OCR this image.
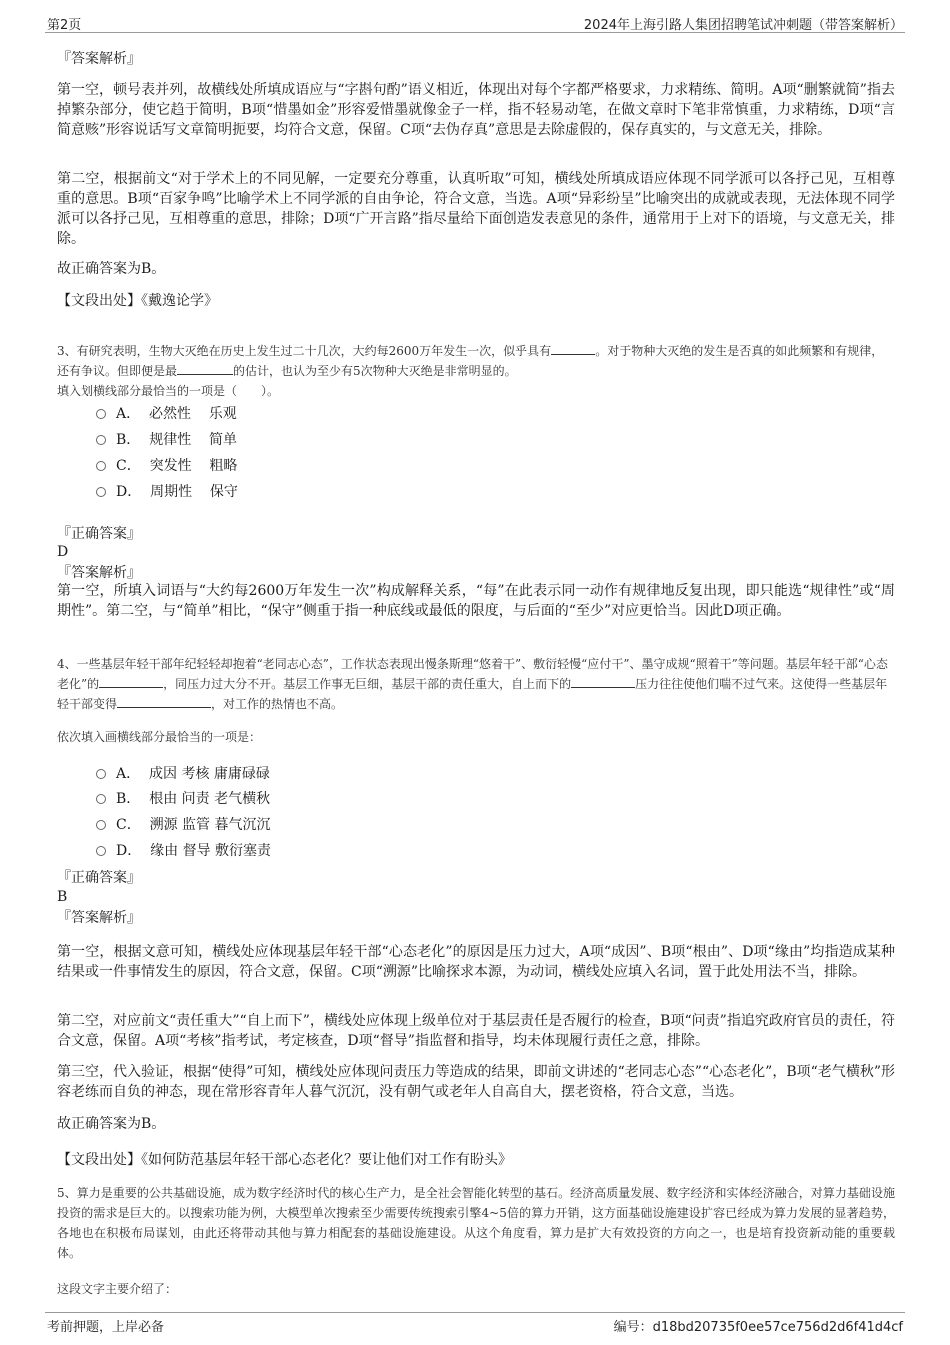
第2页	2024年上海引路人集团招聘笔试冲刺题（带答案解析）
『答案解析』
第一空，顿号表并列，故横线处所填成语应与“字斟句酌”语义相近，体现出对每个字都严格要求，力求精练、简明。A项“删繁就简”指去掉繁杂部分，使它趋于简明，B项“惜墨如金”形容爱惜墨就像金子一样，指不轻易动笔，在做文章时下笔非常慎重，力求精练，D项“言简意赅”形容说话写文章简明扼要，均符合文意，保留。C项“去伪存真”意思是去除虚假的，保存真实的，与文意无关，排除。
第二空，根据前文“对于学术上的不同见解，一定要充分尊重，认真听取”可知，横线处所填成语应体现不同学派可以各抒己见，互相尊重的意思。B项“百家争鸣”比喻学术上不同学派的自由争论，符合文意，当选。A项“异彩纷呈”比喻突出的成就或表现，无法体现不同学派可以各抒己见，互相尊重的意思，排除；D项“广开言路”指尽量给下面创造发表意见的条件，通常用于上对下的语境，与文意无关，排除。
故正确答案为B。
【文段出处】《戴逸论学》
3、有研究表明，生物大灭绝在历史上发生过二十几次，大约每2600万年发生一次，似乎具有	。对于物种大灭绝的发生是否真的如此频繁和有规律，还有争议。但即便是最	的估计，也认为至少有5次物种大灭绝是非常明显的。
填入划横线部分最恰当的一项是（　　）。
A．  必然性    乐观
B．  规律性    简单
C．  突发性    粗略
D．  周期性    保守
『正确答案』
D
『答案解析』
第一空，所填入词语与“大约每2600万年发生一次”构成解释关系，“每”在此表示同一动作有规律地反复出现，即只能选“规律性”或“周期性”。第二空，与“简单”相比，“保守”侧重于指一种底线或最低的限度，与后面的“至少”对应更恰当。因此D项正确。
4、一些基层年轻干部年纪轻轻却抱着“老同志心态”，工作状态表现出慢条斯理“悠着干”、敷衍轻慢“应付干”、墨守成规“照着干”等问题。基层年轻干部“心态老化”的	，同压力过大分不开。基层工作事无巨细，基层干部的责任重大，自上而下的	压力往往使他们喘不过气来。这使得一些基层年轻干部变得	，对工作的热情也不高。
依次填入画横线部分最恰当的一项是：
A．  成因 考核 庸庸碌碌
B．  根由 问责 老气横秋
C．  溯源 监管 暮气沉沉
D．  缘由 督导 敷衍塞责
『正确答案』
B
『答案解析』
第一空，根据文意可知，横线处应体现基层年轻干部“心态老化”的原因是压力过大，A项“成因”、B项“根由”、D项“缘由”均指造成某种结果或一件事情发生的原因，符合文意，保留。C项“溯源”比喻探求本源，为动词，横线处应填入名词，置于此处用法不当，排除。
第二空，对应前文“责任重大”“自上而下”，横线处应体现上级单位对于基层责任是否履行的检查，B项“问责”指追究政府官员的责任，符合文意，保留。A项“考核”指考试，考定核查，D项“督导”指监督和指导，均未体现履行责任之意，排除。
第三空，代入验证，根据“使得”可知，横线处应体现问责压力等造成的结果，即前文讲述的“老同志心态”“心态老化”，B项“老气横秋”形容老练而自负的神态，现在常形容青年人暮气沉沉，没有朝气或老年人自高自大，摆老资格，符合文意，当选。
故正确答案为B。
【文段出处】《如何防范基层年轻干部心态老化？要让他们对工作有盼头》
5、算力是重要的公共基础设施，成为数字经济时代的核心生产力，是全社会智能化转型的基石。经济高质量发展、数字经济和实体经济融合，对算力基础设施投资的需求是巨大的。以搜索功能为例，大模型单次搜索至少需要传统搜索引擎4~5倍的算力开销，这方面基础设施建设扩容已经成为算力发展的显著趋势，各地也在积极布局谋划，由此还将带动其他与算力相配套的基础设施建设。从这个角度看，算力是扩大有效投资的方向之一，也是培育投资新动能的重要载体。
这段文字主要介绍了：
考前押题，上岸必备	编号：d18bd20735f0ee57ce756d2d6f41d4cf
